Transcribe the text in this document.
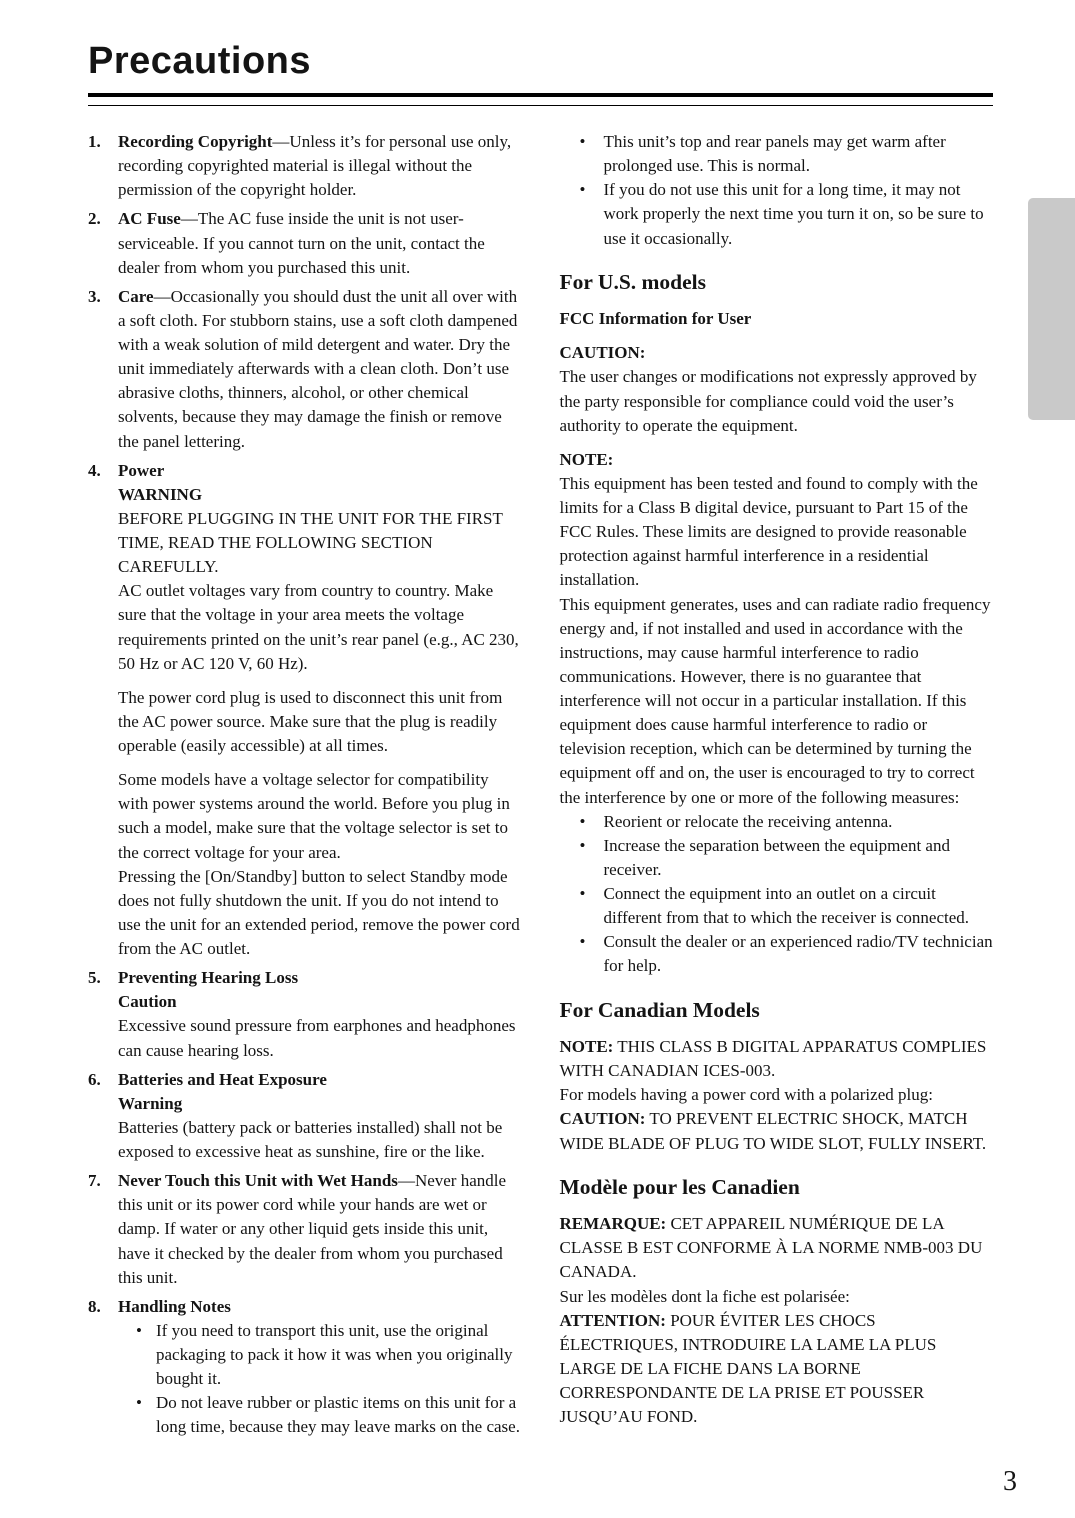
Precautions
1.	Recording Copyright—Unless it’s for personal use only, recording copyrighted material is illegal without the permission of the copyright holder.

2.	AC Fuse—The AC fuse inside the unit is not user-serviceable. If you cannot turn on the unit, contact the dealer from whom you purchased this unit.

3.	Care—Occasionally you should dust the unit all over with a soft cloth. For stubborn stains, use a soft cloth dampened with a weak solution of mild detergent and water. Dry the unit immediately afterwards with a clean cloth. Don’t use abrasive cloths, thinners, alcohol, or other chemical solvents, because they may damage the finish or remove the panel lettering.

4.	Power

WARNING

BEFORE PLUGGING IN THE UNIT FOR THE FIRST TIME, READ THE FOLLOWING SECTION CAREFULLY.

AC outlet voltages vary from country to country. Make sure that the voltage in your area meets the voltage requirements printed on the unit’s rear panel (e.g., AC 230, 50 Hz or AC 120 V, 60 Hz).

The power cord plug is used to disconnect this unit from the AC power source. Make sure that the plug is readily operable (easily accessible) at all times.

Some models have a voltage selector for compatibility with power systems around the world. Before you plug in such a model, make sure that the voltage selector is set to the correct voltage for your area.

Pressing the [On/Standby] button to select Standby mode does not fully shutdown the unit. If you do not intend to use the unit for an extended period, remove the power cord from the AC outlet.

5.	Preventing Hearing Loss

Caution

Excessive sound pressure from earphones and headphones can cause hearing loss.

6.	Batteries and Heat Exposure

Warning

Batteries (battery pack or batteries installed) shall not be exposed to excessive heat as sunshine, fire or the like.

7.	Never Touch this Unit with Wet Hands—Never handle this unit or its power cord while your hands are wet or damp. If water or any other liquid gets inside this unit, have it checked by the dealer from whom you purchased this unit.

8.	Handling Notes

• If you need to transport this unit, use the original packaging to pack it how it was when you originally bought it.

• Do not leave rubber or plastic items on this unit for a long time, because they may leave marks on the case.

•	This unit’s top and rear panels may get warm after prolonged use. This is normal.

•	If you do not use this unit for a long time, it may not work properly the next time you turn it on, so be sure to use it occasionally.

For U.S. models

FCC Information for User

CAUTION:

The user changes or modifications not expressly approved by the party responsible for compliance could void the user’s authority to operate the equipment.

NOTE:

This equipment has been tested and found to comply with the limits for a Class B digital device, pursuant to Part 15 of the FCC Rules. These limits are designed to provide reasonable protection against harmful interference in a residential installation.

This equipment generates, uses and can radiate radio frequency energy and, if not installed and used in accordance with the instructions, may cause harmful interference to radio communications. However, there is no guarantee that interference will not occur in a particular installation. If this equipment does cause harmful interference to radio or television reception, which can be determined by turning the equipment off and on, the user is encouraged to try to correct the interference by one or more of the following measures:

•	Reorient or relocate the receiving antenna.

•	Increase the separation between the equipment and receiver.

•	Connect the equipment into an outlet on a circuit different from that to which the receiver is connected.

•	Consult the dealer or an experienced radio/TV technician for help.

For Canadian Models

NOTE: THIS CLASS B DIGITAL APPARATUS COMPLIES WITH CANADIAN ICES-003.

For models having a power cord with a polarized plug:

CAUTION: TO PREVENT ELECTRIC SHOCK, MATCH WIDE BLADE OF PLUG TO WIDE SLOT, FULLY INSERT.

Modèle pour les Canadien

REMARQUE: CET APPAREIL NUMÉRIQUE DE LA CLASSE B EST CONFORME À LA NORME NMB-003 DU CANADA.

Sur les modèles dont la fiche est polarisée:

ATTENTION: POUR ÉVITER LES CHOCS ÉLECTRIQUES, INTRODUIRE LA LAME LA PLUS LARGE DE LA FICHE DANS LA BORNE CORRESPONDANTE DE LA PRISE ET POUSSER JUSQU’AU FOND.

3
